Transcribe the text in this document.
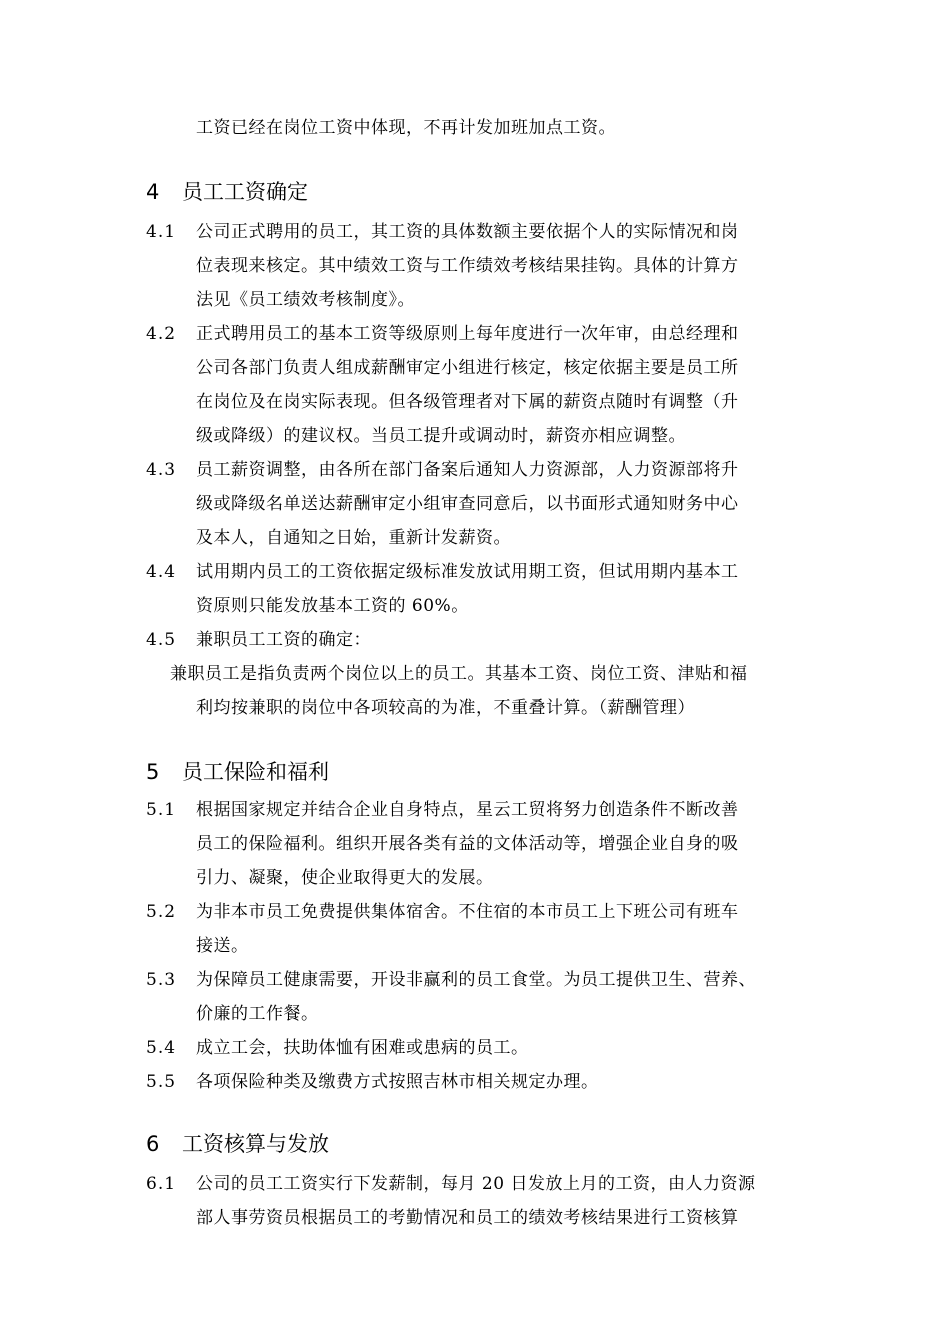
工资已经在岗位工资中体现，不再计发加班加点工资。
4 员工工资确定
4.1 公司正式聘用的员工，其工资的具体数额主要依据个人的实际情况和岗
位表现来核定。其中绩效工资与工作绩效考核结果挂钩。具体的计算方
法见《员工绩效考核制度》。
4.2 正式聘用员工的基本工资等级原则上每年度进行一次年审，由总经理和
公司各部门负责人组成薪酬审定小组进行核定，核定依据主要是员工所
在岗位及在岗实际表现。但各级管理者对下属的薪资点随时有调整（升
级或降级）的建议权。当员工提升或调动时，薪资亦相应调整。
4.3 员工薪资调整，由各所在部门备案后通知人力资源部，人力资源部将升
级或降级名单送达薪酬审定小组审查同意后，以书面形式通知财务中心
及本人，自通知之日始，重新计发薪资。
4.4 试用期内员工的工资依据定级标准发放试用期工资，但试用期内基本工
资原则只能发放基本工资的 60%。
4.5 兼职员工工资的确定：
兼职员工是指负责两个岗位以上的员工。其基本工资、岗位工资、津贴和福
利均按兼职的岗位中各项较高的为准，不重叠计算。（薪酬管理）
5 员工保险和福利
5.1 根据国家规定并结合企业自身特点，星云工贸将努力创造条件不断改善
员工的保险福利。组织开展各类有益的文体活动等，增强企业自身的吸
引力、凝聚，使企业取得更大的发展。
5.2 为非本市员工免费提供集体宿舍。不住宿的本市员工上下班公司有班车
接送。
5.3 为保障员工健康需要，开设非赢利的员工食堂。为员工提供卫生、营养、
价廉的工作餐。
5.4 成立工会，扶助体恤有困难或患病的员工。
5.5 各项保险种类及缴费方式按照吉林市相关规定办理。
6 工资核算与发放
6.1 公司的员工工资实行下发薪制，每月 20 日发放上月的工资，由人力资源
部人事劳资员根据员工的考勤情况和员工的绩效考核结果进行工资核算
